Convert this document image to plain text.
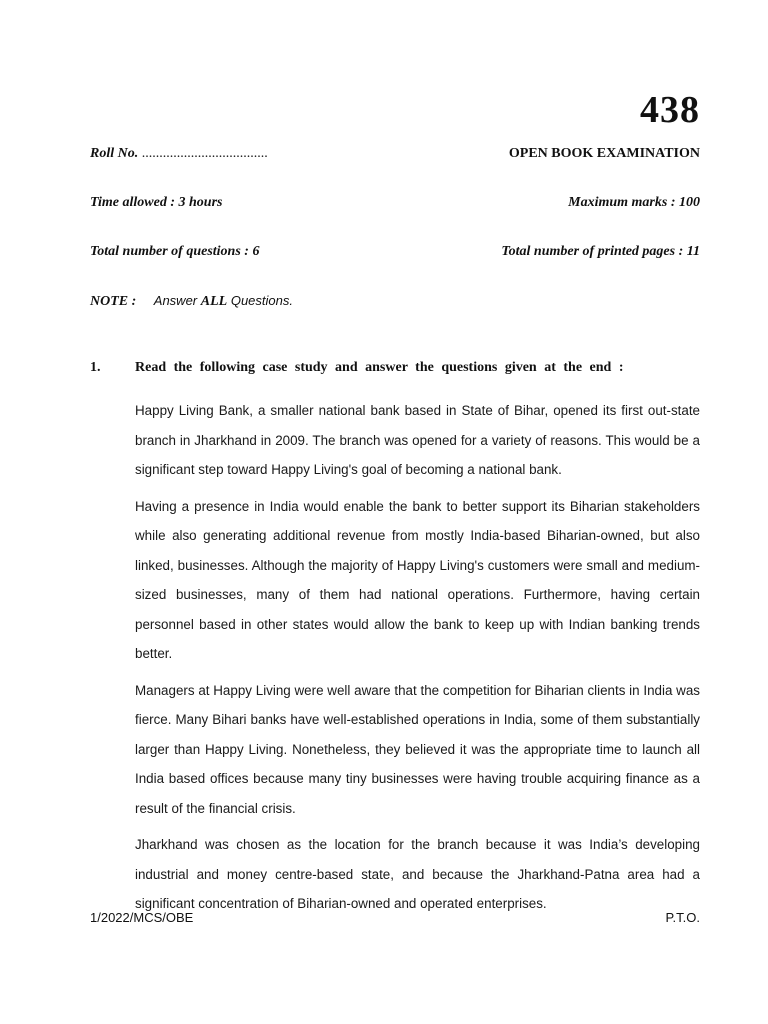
438
Roll No. ....................................	OPEN BOOK EXAMINATION
Time allowed : 3 hours	Maximum marks : 100
Total number of questions : 6	Total number of printed pages : 11
NOTE : Answer ALL Questions.
1. Read the following case study and answer the questions given at the end :

Happy Living Bank, a smaller national bank based in State of Bihar, opened its first out-state branch in Jharkhand in 2009. The branch was opened for a variety of reasons. This would be a significant step toward Happy Living's goal of becoming a national bank.

Having a presence in India would enable the bank to better support its Biharian stakeholders while also generating additional revenue from mostly India-based Biharian-owned, but also linked, businesses. Although the majority of Happy Living's customers were small and medium-sized businesses, many of them had national operations. Furthermore, having certain personnel based in other states would allow the bank to keep up with Indian banking trends better.

Managers at Happy Living were well aware that the competition for Biharian clients in India was fierce. Many Bihari banks have well-established operations in India, some of them substantially larger than Happy Living. Nonetheless, they believed it was the appropriate time to launch all India based offices because many tiny businesses were having trouble acquiring finance as a result of the financial crisis.

Jharkhand was chosen as the location for the branch because it was India’s developing industrial and money centre-based state, and because the Jharkhand-Patna area had a significant concentration of Biharian-owned and operated enterprises.

1/2022/MCS/OBE	P.T.O.
